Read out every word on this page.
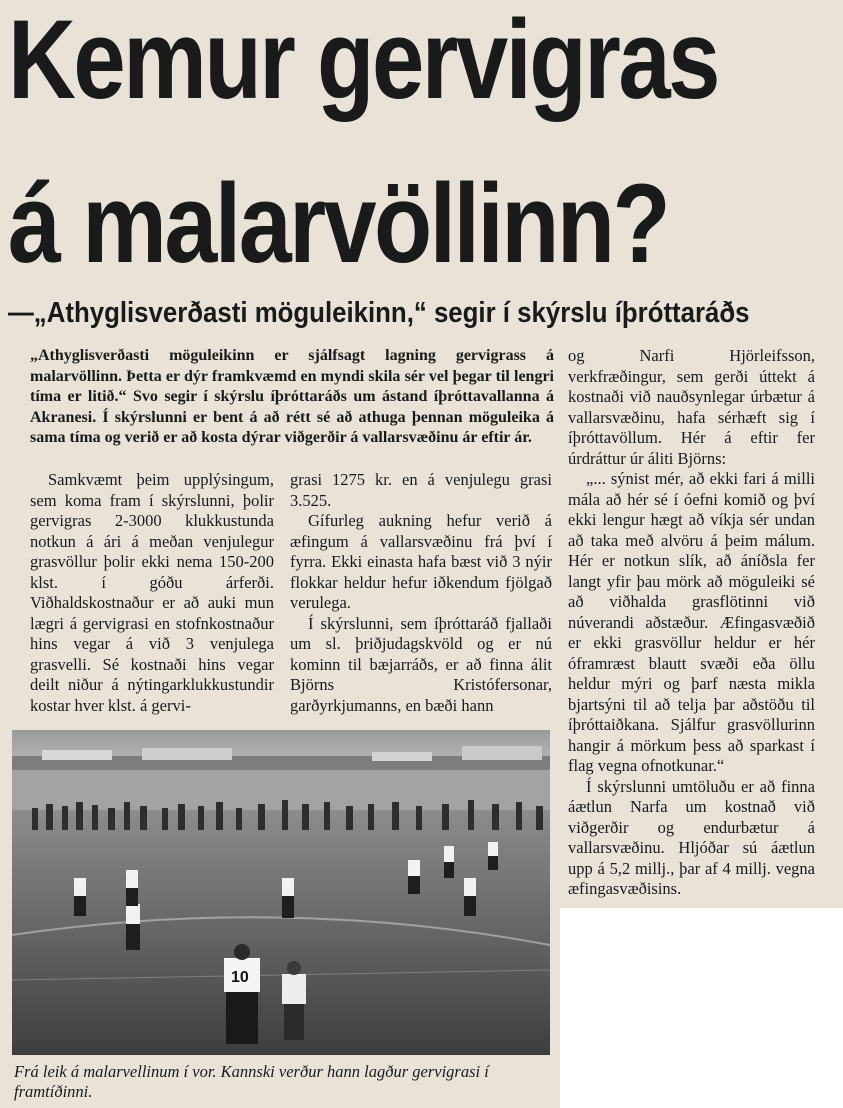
Kemur gervigras
á malarvöllinn?
—„Athyglisverðasti möguleikinn,“ segir í skýrslu íþróttaráðs

„Athyglisverðasti möguleikinn er sjálfsagt lagning gervigrass á malarvöllinn. Þetta er dýr framkvæmd en myndi skila sér vel þegar til lengri tíma er litið.“ Svo segir í skýrslu íþróttaráðs um ástand íþróttavallanna á Akranesi. Í skýrslunni er bent á að rétt sé að athuga þennan möguleika á sama tíma og verið er að kosta dýrar viðgerðir á vallarsvæðinu ár eftir ár.

Samkvæmt þeim upplýsingum, sem koma fram í skýrslunni, þolir gervigras 2-3000 klukkustunda notkun á ári á meðan venjulegur grasvöllur þolir ekki nema 150-200 klst. í góðu árferði. Viðhaldskostnaður er að auki mun lægri á gervigrasi en stofnkostnaður hins vegar á við 3 venjulega grasvelli. Sé kostnaði hins vegar deilt niður á nýtingarklukkustundir kostar hver klst. á gervi-

grasi 1275 kr. en á venjulegu grasi 3.525.

Gífurleg aukning hefur verið á æfingum á vallarsvæðinu frá því í fyrra. Ekki einasta hafa bæst við 3 nýir flokkar heldur hefur iðkendum fjölgað verulega.

Í skýrslunni, sem íþróttaráð fjallaði um sl. þriðjudagskvöld og er nú kominn til bæjarráðs, er að finna álit Björns Kristófersonar, garðyrkjumanns, en bæði hann

og Narfi Hjörleifsson, verkfræðingur, sem gerði úttekt á kostnaði við nauðsynlegar úrbætur á vallarsvæðinu, hafa sérhæft sig í íþróttavöllum. Hér á eftir fer úrdráttur úr áliti Björns:

„... sýnist mér, að ekki fari á milli mála að hér sé í óefni komið og því ekki lengur hægt að víkja sér undan að taka með alvöru á þeim málum. Hér er notkun slík, að áníðsla fer langt yfir þau mörk að möguleiki sé að viðhalda grasflötinni við núverandi aðstæður. Æfingasvæðið er ekki grasvöllur heldur er hér óframræst blautt svæði eða öllu heldur mýri og þarf næsta mikla bjartsýni til að telja þar aðstöðu til íþróttaiðkana. Sjálfur grasvöllurinn hangir á mörkum þess að sparkast í flag vegna ofnotkunar.“

Í skýrslunni umtöluðu er að finna áætlun Narfa um kostnað við viðgerðir og endurbætur á vallarsvæðinu. Hljóðar sú áætlun upp á 5,2 millj., þar af 4 millj. vegna æfingasvæðisins.

10

Frá leik á malarvellinum í vor. Kannski verður hann lagður gervigrasi í framtíðinni.
